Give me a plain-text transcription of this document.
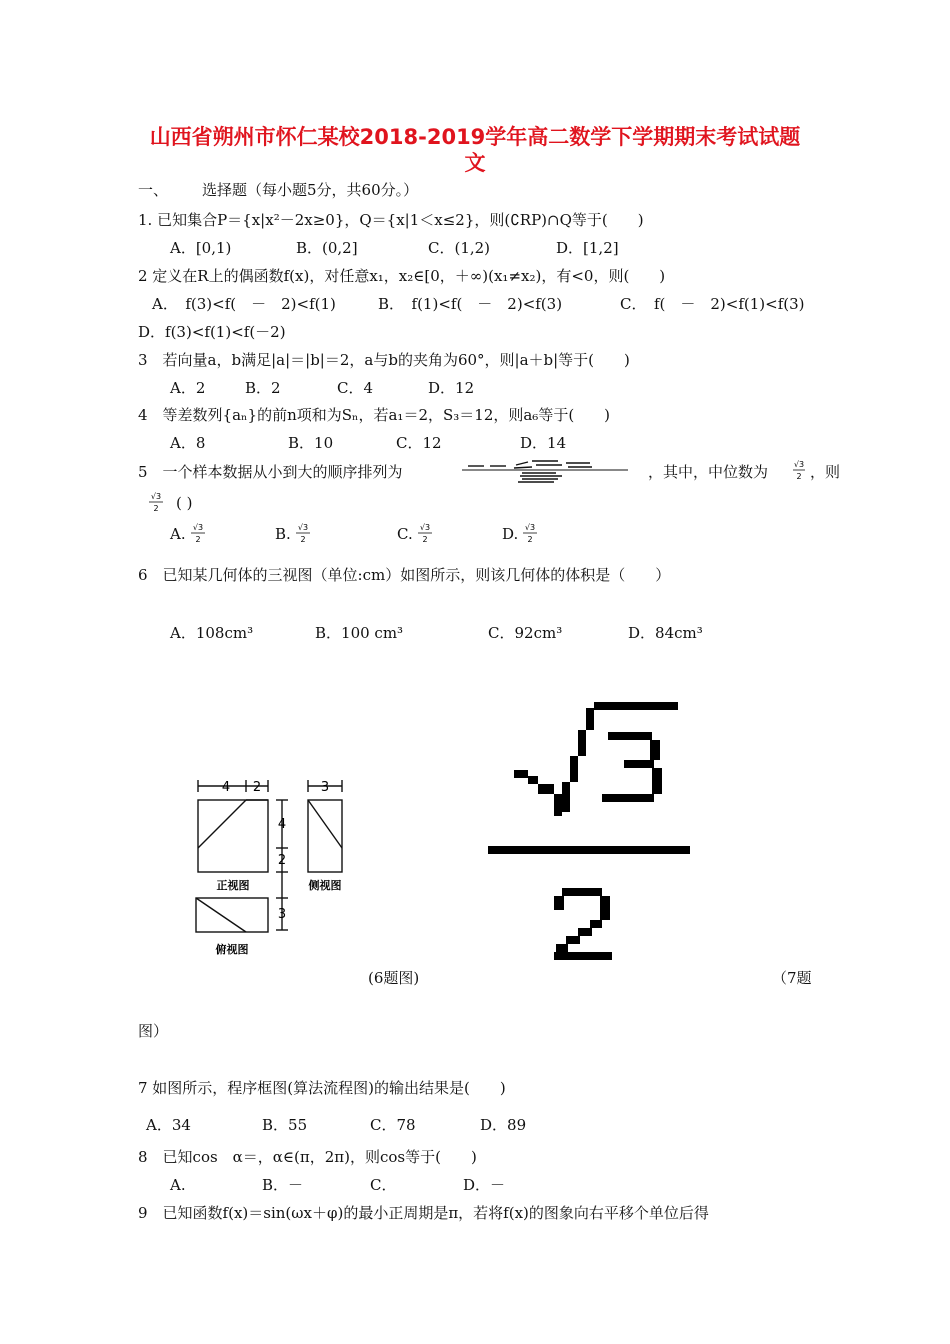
山西省朔州市怀仁某校2018-2019学年高二数学下学期期末考试试题
文
一、 选择题（每小题5分，共60分。）
1. 已知集合P＝{x|x²－2x≥0}，Q＝{x|1＜x≤2}，则(∁RP)∩Q等于(　　)
A．[0,1)	B．(0,2]	C．(1,2)	D．[1,2]
2 定义在R上的偶函数f(x)，对任意x₁，x₂∈[0，＋∞)(x₁≠x₂)，有<0，则(　　)
A．　f(3)<f(　－　2)<f(1)	B．　f(1)<f(　－　2)<f(3)	C．　f(　－　2)<f(1)<f(3)
D．f(3)<f(1)<f(－2)
3　若向量a，b满足|a|＝|b|＝2，a与b的夹角为60°，则|a＋b|等于(　　)
A．2	B．2	C．4	D．12
4　等差数列{aₙ}的前n项和为Sₙ，若a₁＝2，S₃＝12，则a₆等于(　　)
A．8	B．10	C．12	D．14
5　一个样本数据从小到大的顺序排列为	，其中，中位数为	√3
2 ，则
√3
2 ( )
A. √3
2	B. √3
2	C. √3
2	D. √3
2
6　已知某几何体的三视图（单位:cm）如图所示，则该几何体的体积是（　　）
A．108cm³	B．100 cm³	C．92cm³	D．84cm³
4 2	3
4
2
3
正视图	侧视图
俯视图
(6题图)	（7题
图）
7 如图所示，程序框图(算法流程图)的输出结果是(　　)
A．34	B．55	C．78	D．89
8　已知cos　α＝，α∈(π，2π)，则cos等于(　　)
A.	B．－	C．	D．－
9　已知函数f(x)＝sin(ωx＋φ)的最小正周期是π，若将f(x)的图象向右平移个单位后得
